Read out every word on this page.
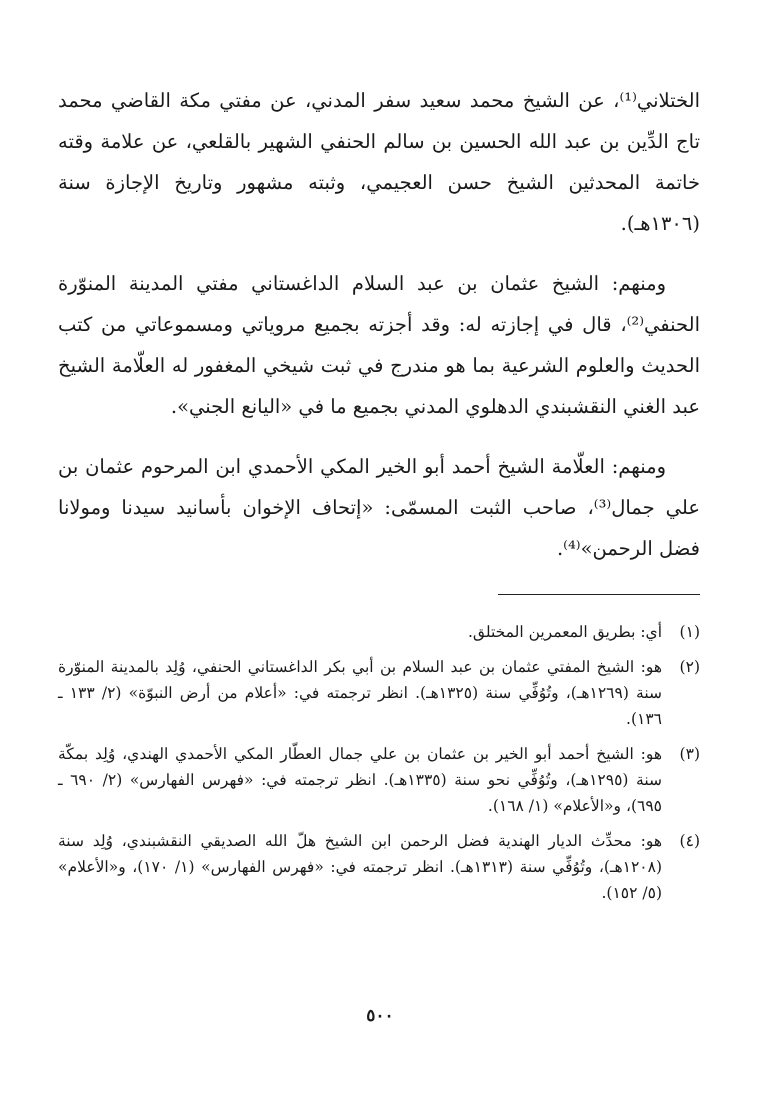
الختلاني⁽¹⁾، عن الشيخ محمد سعيد سفر المدني، عن مفتي مكة القاضي محمد تاج الدِّين بن عبد الله الحسين بن سالم الحنفي الشهير بالقلعي، عن علامة وقته خاتمة المحدثين الشيخ حسن العجيمي، وثبته مشهور وتاريخ الإجازة سنة (١٣٠٦هـ).

ومنهم: الشيخ عثمان بن عبد السلام الداغستاني مفتي المدينة المنوّرة الحنفي⁽²⁾، قال في إجازته له: وقد أجزته بجميع مروياتي ومسموعاتي من كتب الحديث والعلوم الشرعية بما هو مندرج في ثبت شيخي المغفور له العلّامة الشيخ عبد الغني النقشبندي الدهلوي المدني بجميع ما في «اليانع الجني».

ومنهم: العلّامة الشيخ أحمد أبو الخير المكي الأحمدي ابن المرحوم عثمان بن علي جمال⁽³⁾، صاحب الثبت المسمّى: «إتحاف الإخوان بأسانيد سيدنا ومولانا فضل الرحمن»⁽⁴⁾.

(١)
أي: بطريق المعمرين المختلق.
(٢)
هو: الشيخ المفتي عثمان بن عبد السلام بن أبي بكر الداغستاني الحنفي، وُلِد بالمدينة المنوّرة سنة (١٢٦٩هـ)، وتُوُفِّي سنة (١٣٢٥هـ). انظر ترجمته في: «أعلام من أرض النبوّة» (٢/ ١٣٣ ـ ١٣٦).
(٣)
هو: الشيخ أحمد أبو الخير بن عثمان بن علي جمال العطّار المكي الأحمدي الهندي، وُلِد بمكّة سنة (١٢٩٥هـ)، وتُوُفِّي نحو سنة (١٣٣٥هـ). انظر ترجمته في: «فهرس الفهارس» (٢/ ٦٩٠ ـ ٦٩٥)، و«الأعلام» (١/ ١٦٨).
(٤)
هو: محدِّث الديار الهندية فضل الرحمن ابن الشيخ هلّ الله الصديقي النقشبندي، وُلِد سنة (١٢٠٨هـ)، وتُوُفِّي سنة (١٣١٣هـ). انظر ترجمته في: «فهرس الفهارس» (١/ ١٧٠)، و«الأعلام» (٥/ ١٥٢).
٥٠٠
